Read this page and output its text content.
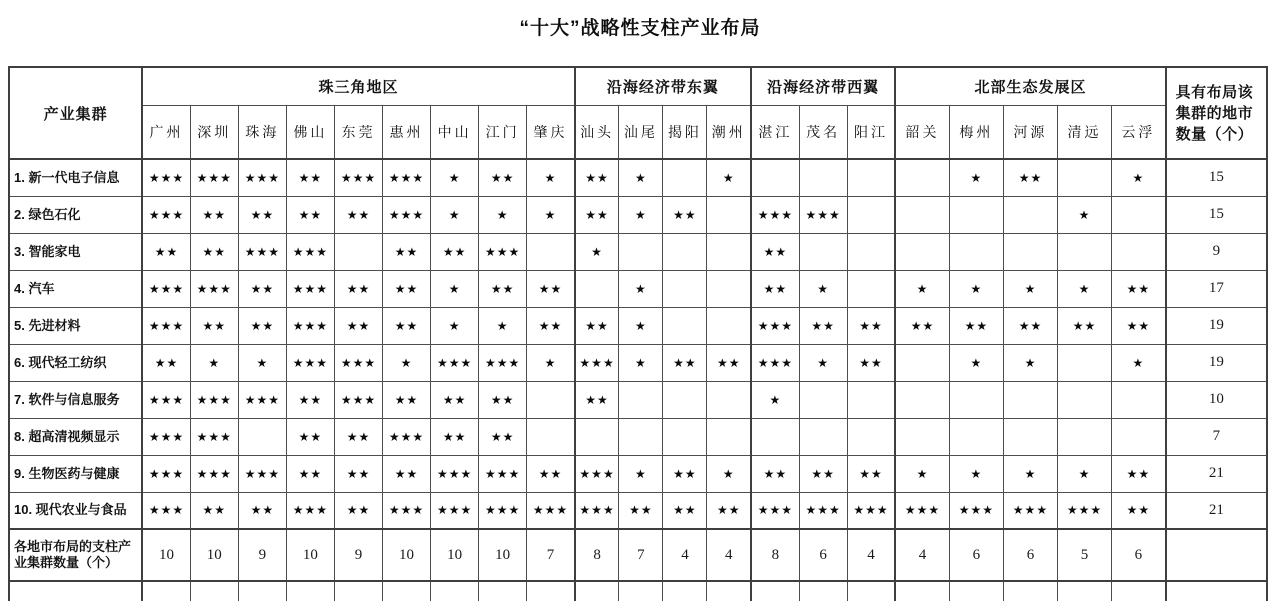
“十大”战略性支柱产业布局
产业集群	珠三角地区									沿海经济带东翼				沿海经济带西翼			北部生态发展区					具有布局该集群的地市数量（个）
	广州	深圳	珠海	佛山	东莞	惠州	中山	江门	肇庆	汕头	汕尾	揭阳	潮州	湛江	茂名	阳江	韶关	梅州	河源	清远	云浮	
1. 新一代电子信息	★★★	★★★	★★★	★★	★★★	★★★	★	★★	★	★★	★		★					★	★★		★	15
2. 绿色石化	★★★	★★	★★	★★	★★	★★★	★	★	★	★★	★	★★		★★★	★★★					★		15
3. 智能家电	★★	★★	★★★	★★★		★★	★★	★★★		★				★★								9
4. 汽车	★★★	★★★	★★	★★★	★★	★★	★	★★	★★		★			★★	★		★	★	★	★	★★	17
5. 先进材料	★★★	★★	★★	★★★	★★	★★	★	★	★★	★★	★			★★★	★★	★★	★★	★★	★★	★★	★★	19
6. 现代轻工纺织	★★	★	★	★★★	★★★	★	★★★	★★★	★	★★★	★	★★	★★	★★★	★	★★		★	★		★	19
7. 软件与信息服务	★★★	★★★	★★★	★★	★★★	★★	★★	★★		★★				★								10
8. 超高清视频显示	★★★	★★★		★★	★★	★★★	★★	★★														7
9. 生物医药与健康	★★★	★★★	★★★	★★	★★	★★	★★★	★★★	★★	★★★	★	★★	★	★★	★★	★★	★	★	★	★	★★	21
10. 现代农业与食品	★★★	★★	★★	★★★	★★	★★★	★★★	★★★	★★★	★★★	★★	★★	★★	★★★	★★★	★★★	★★★	★★★	★★★	★★★	★★	21
各地市布局的支柱产业集群数量（个）	10	10	9	10	9	10	10	10	7	8	7	4	4	8	6	4	4	6	6	5	6	
